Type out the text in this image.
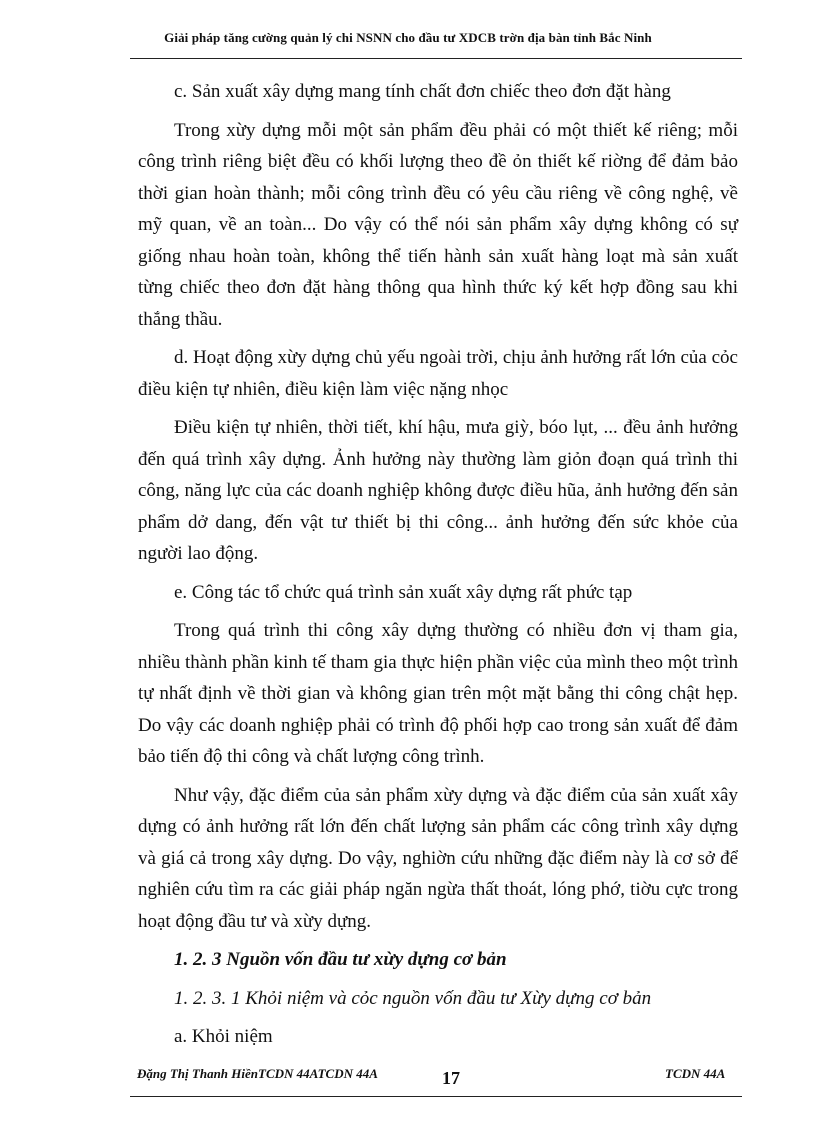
Giải pháp tăng cường quản lý chi NSNN cho đầu tư XDCB trờn địa bàn tỉnh Bắc Ninh

c. Sản xuất xây dựng mang tính chất đơn chiếc theo đơn đặt hàng

Trong xừy dựng mỗi một sản phẩm đều phải có một thiết kế riêng; mỗi công trình riêng biệt đều có khối lượng theo đề ỏn thiết kế riờng để đảm bảo thời gian hoàn thành; mỗi công trình đều có yêu cầu riêng về công nghệ, về mỹ quan, về an toàn... Do vậy có thể nói sản phẩm xây dựng không có sự giống nhau hoàn toàn, không thể tiến hành sản xuất hàng loạt mà sản xuất từng chiếc theo đơn đặt hàng thông qua hình thức ký kết hợp đồng sau khi thắng thầu.

d. Hoạt động xừy dựng chủ yếu ngoài trời, chịu ảnh hưởng rất lớn của cỏc điều kiện tự nhiên, điều kiện làm việc nặng nhọc

Điều kiện tự nhiên, thời tiết, khí hậu, mưa giỳ, bóo lụt, ... đều ảnh hưởng đến quá trình xây dựng. Ảnh hưởng này thường làm giỏn đoạn quá trình thi công, năng lực của các doanh nghiệp không được điều hũa, ảnh hưởng đến sản phẩm dở dang, đến vật tư thiết bị thi công... ảnh hưởng đến sức khỏe của người lao động.

e. Công tác tổ chức quá trình sản xuất xây dựng rất phức tạp

Trong quá trình thi công xây dựng thường có nhiều đơn vị tham gia, nhiều thành phần kinh tế tham gia thực hiện phần việc của mình theo một trình tự nhất định về thời gian và không gian trên một mặt bằng thi công chật hẹp. Do vậy các doanh nghiệp phải có trình độ phối hợp cao trong sản xuất để đảm bảo tiến độ thi công và chất lượng công trình.

Như vậy, đặc điểm của sản phẩm xừy dựng và đặc điểm của sản xuất xây dựng có ảnh hưởng rất lớn đến chất lượng sản phẩm các công trình xây dựng và giá cả trong xây dựng. Do vậy, nghiờn cứu những đặc điểm này là cơ sở để nghiên cứu tìm ra các giải pháp ngăn ngừa thất thoát, lóng phớ, tiờu cực trong hoạt động đầu tư và xừy dựng.

1. 2. 3 Nguồn vốn đầu tư xừy dựng cơ bản

1. 2. 3. 1 Khỏi niệm và cỏc nguồn vốn đầu tư Xừy dựng cơ bản

a. Khỏi niệm

Đặng Thị Thanh HiềnTCDN 44ATCDN 44A	17	TCDN 44A
